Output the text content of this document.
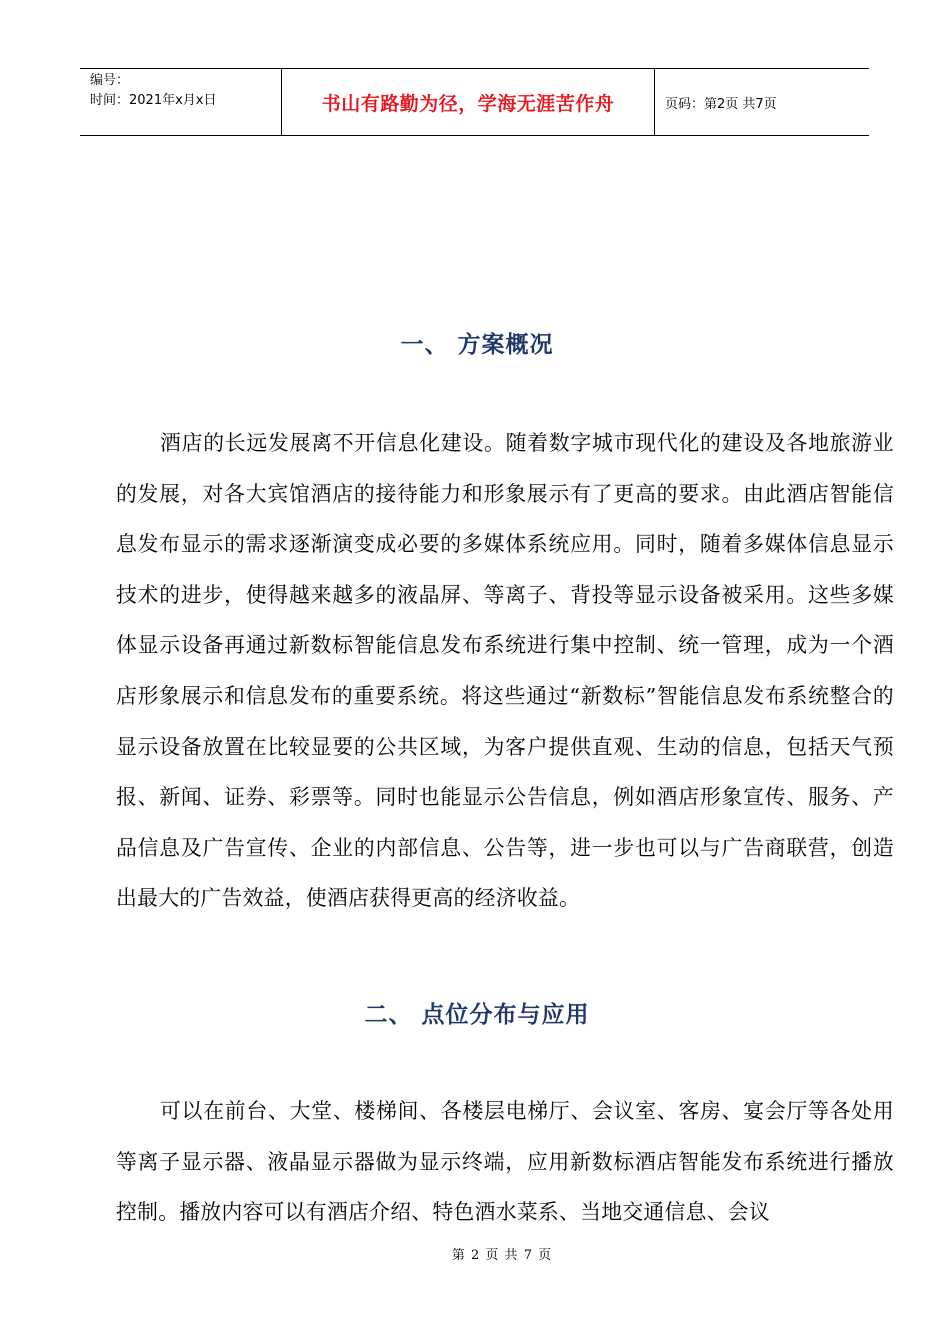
编号：
时间：2021年x月x日	书山有路勤为径，学海无涯苦作舟	页码：第2页 共7页
一、 方案概况

酒店的长远发展离不开信息化建设。随着数字城市现代化的建设及各地旅游业的发展，对各大宾馆酒店的接待能力和形象展示有了更高的要求。由此酒店智能信息发布显示的需求逐渐演变成必要的多媒体系统应用。同时，随着多媒体信息显示技术的进步，使得越来越多的液晶屏、等离子、背投等显示设备被采用。这些多媒体显示设备再通过新数标智能信息发布系统进行集中控制、统一管理，成为一个酒店形象展示和信息发布的重要系统。将这些通过“新数标”智能信息发布系统整合的显示设备放置在比较显要的公共区域，为客户提供直观、生动的信息，包括天气预报、新闻、证券、彩票等。同时也能显示公告信息，例如酒店形象宣传、服务、产品信息及广告宣传、企业的内部信息、公告等，进一步也可以与广告商联营，创造出最大的广告效益，使酒店获得更高的经济收益。

二、 点位分布与应用

可以在前台、大堂、楼梯间、各楼层电梯厅、会议室、客房、宴会厅等各处用等离子显示器、液晶显示器做为显示终端，应用新数标酒店智能发布系统进行播放控制。播放内容可以有酒店介绍、特色酒水菜系、当地交通信息、会议

第 2 页 共 7 页
